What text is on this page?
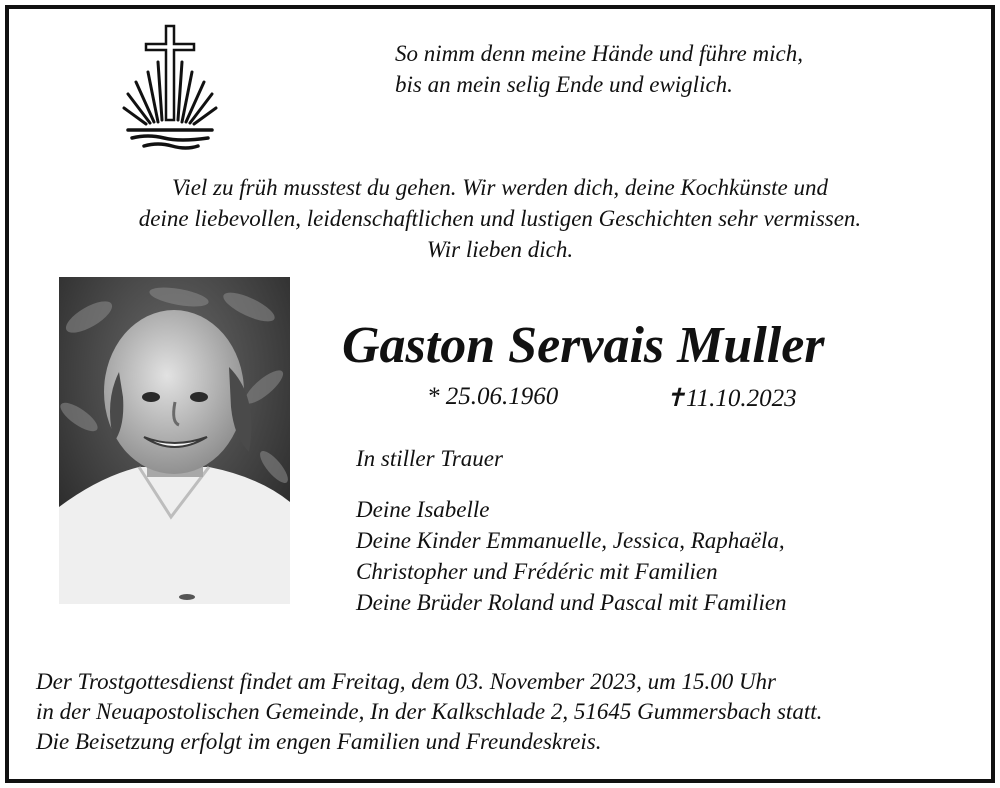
So nimm denn meine Hände und führe mich,
bis an mein selig Ende und ewiglich.
Viel zu früh musstest du gehen. Wir werden dich, deine Kochkünste und
deine liebevollen, leidenschaftlichen und lustigen Geschichten sehr vermissen.
Wir lieben dich.
Gaston Servais Muller
* 25.06.1960	✝11.10.2023
In stiller Trauer
Deine Isabelle
Deine Kinder Emmanuelle, Jessica, Raphaëla,
Christopher und Frédéric mit Familien
Deine Brüder Roland und Pascal mit Familien
Der Trostgottesdienst findet am Freitag, dem 03. November 2023, um 15.00 Uhr
in der Neuapostolischen Gemeinde, In der Kalkschlade 2, 51645 Gummersbach statt.
Die Beisetzung erfolgt im engen Familien und Freundeskreis.
